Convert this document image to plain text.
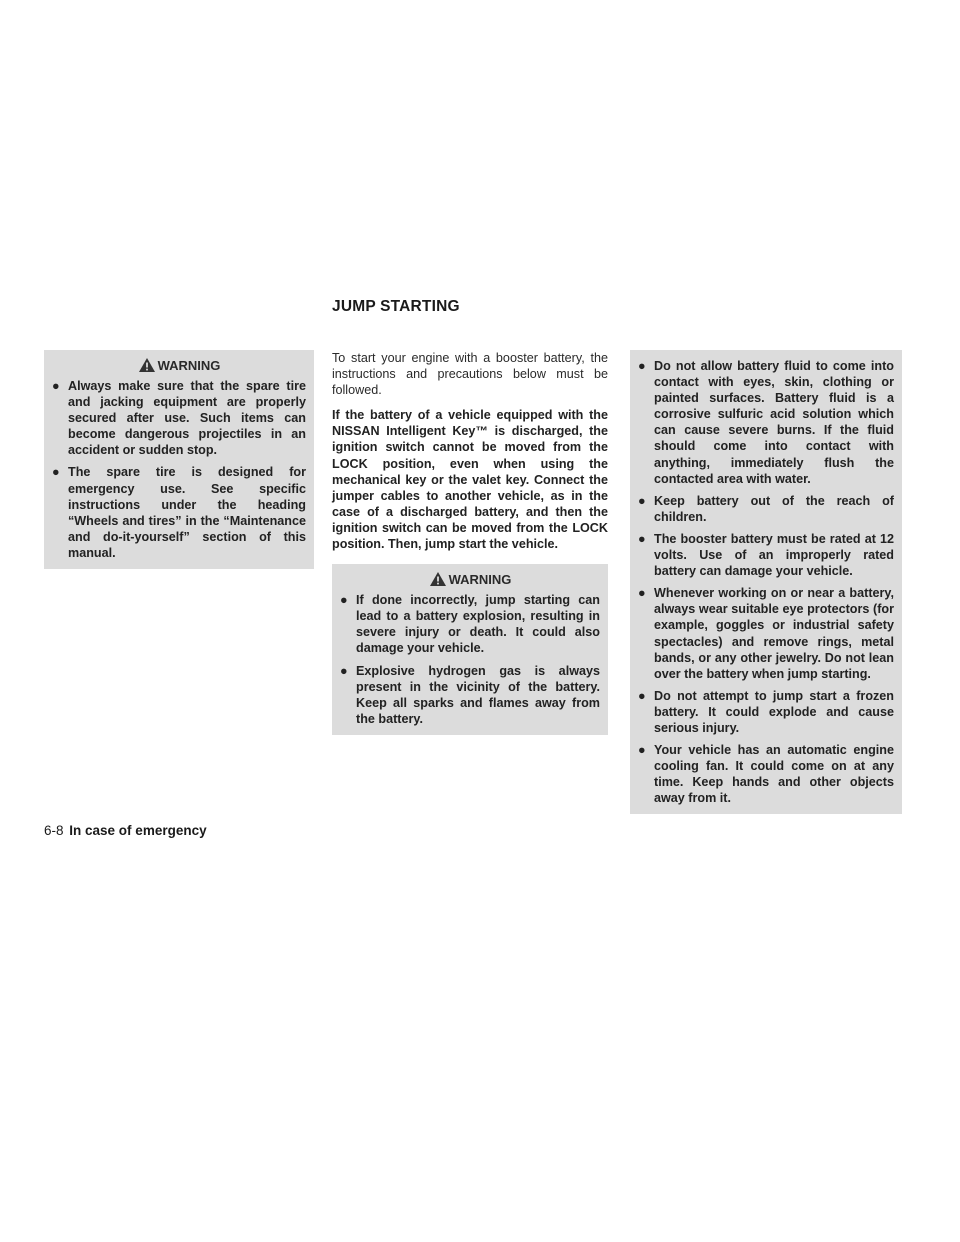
JUMP STARTING
WARNING
● Always make sure that the spare tire and jacking equipment are properly secured after use. Such items can become dangerous projectiles in an accident or sudden stop.
● The spare tire is designed for emergency use. See specific instructions under the heading “Wheels and tires” in the “Maintenance and do-it-yourself” section of this manual.

To start your engine with a booster battery, the instructions and precautions below must be followed.

If the battery of a vehicle equipped with the NISSAN Intelligent Key™ is discharged, the ignition switch cannot be moved from the LOCK position, even when using the mechanical key or the valet key. Connect the jumper cables to another vehicle, as in the case of a discharged battery, and then the ignition switch can be moved from the LOCK position. Then, jump start the vehicle.

WARNING
● If done incorrectly, jump starting can lead to a battery explosion, resulting in severe injury or death. It could also damage your vehicle.
● Explosive hydrogen gas is always present in the vicinity of the battery. Keep all sparks and flames away from the battery.
● Do not allow battery fluid to come into contact with eyes, skin, clothing or painted surfaces. Battery fluid is a corrosive sulfuric acid solution which can cause severe burns. If the fluid should come into contact with anything, immediately flush the contacted area with water.
● Keep battery out of the reach of children.
● The booster battery must be rated at 12 volts. Use of an improperly rated battery can damage your vehicle.
● Whenever working on or near a battery, always wear suitable eye protectors (for example, goggles or industrial safety spectacles) and remove rings, metal bands, or any other jewelry. Do not lean over the battery when jump starting.
● Do not attempt to jump start a frozen battery. It could explode and cause serious injury.
● Your vehicle has an automatic engine cooling fan. It could come on at any time. Keep hands and other objects away from it.
6-8 In case of emergency
